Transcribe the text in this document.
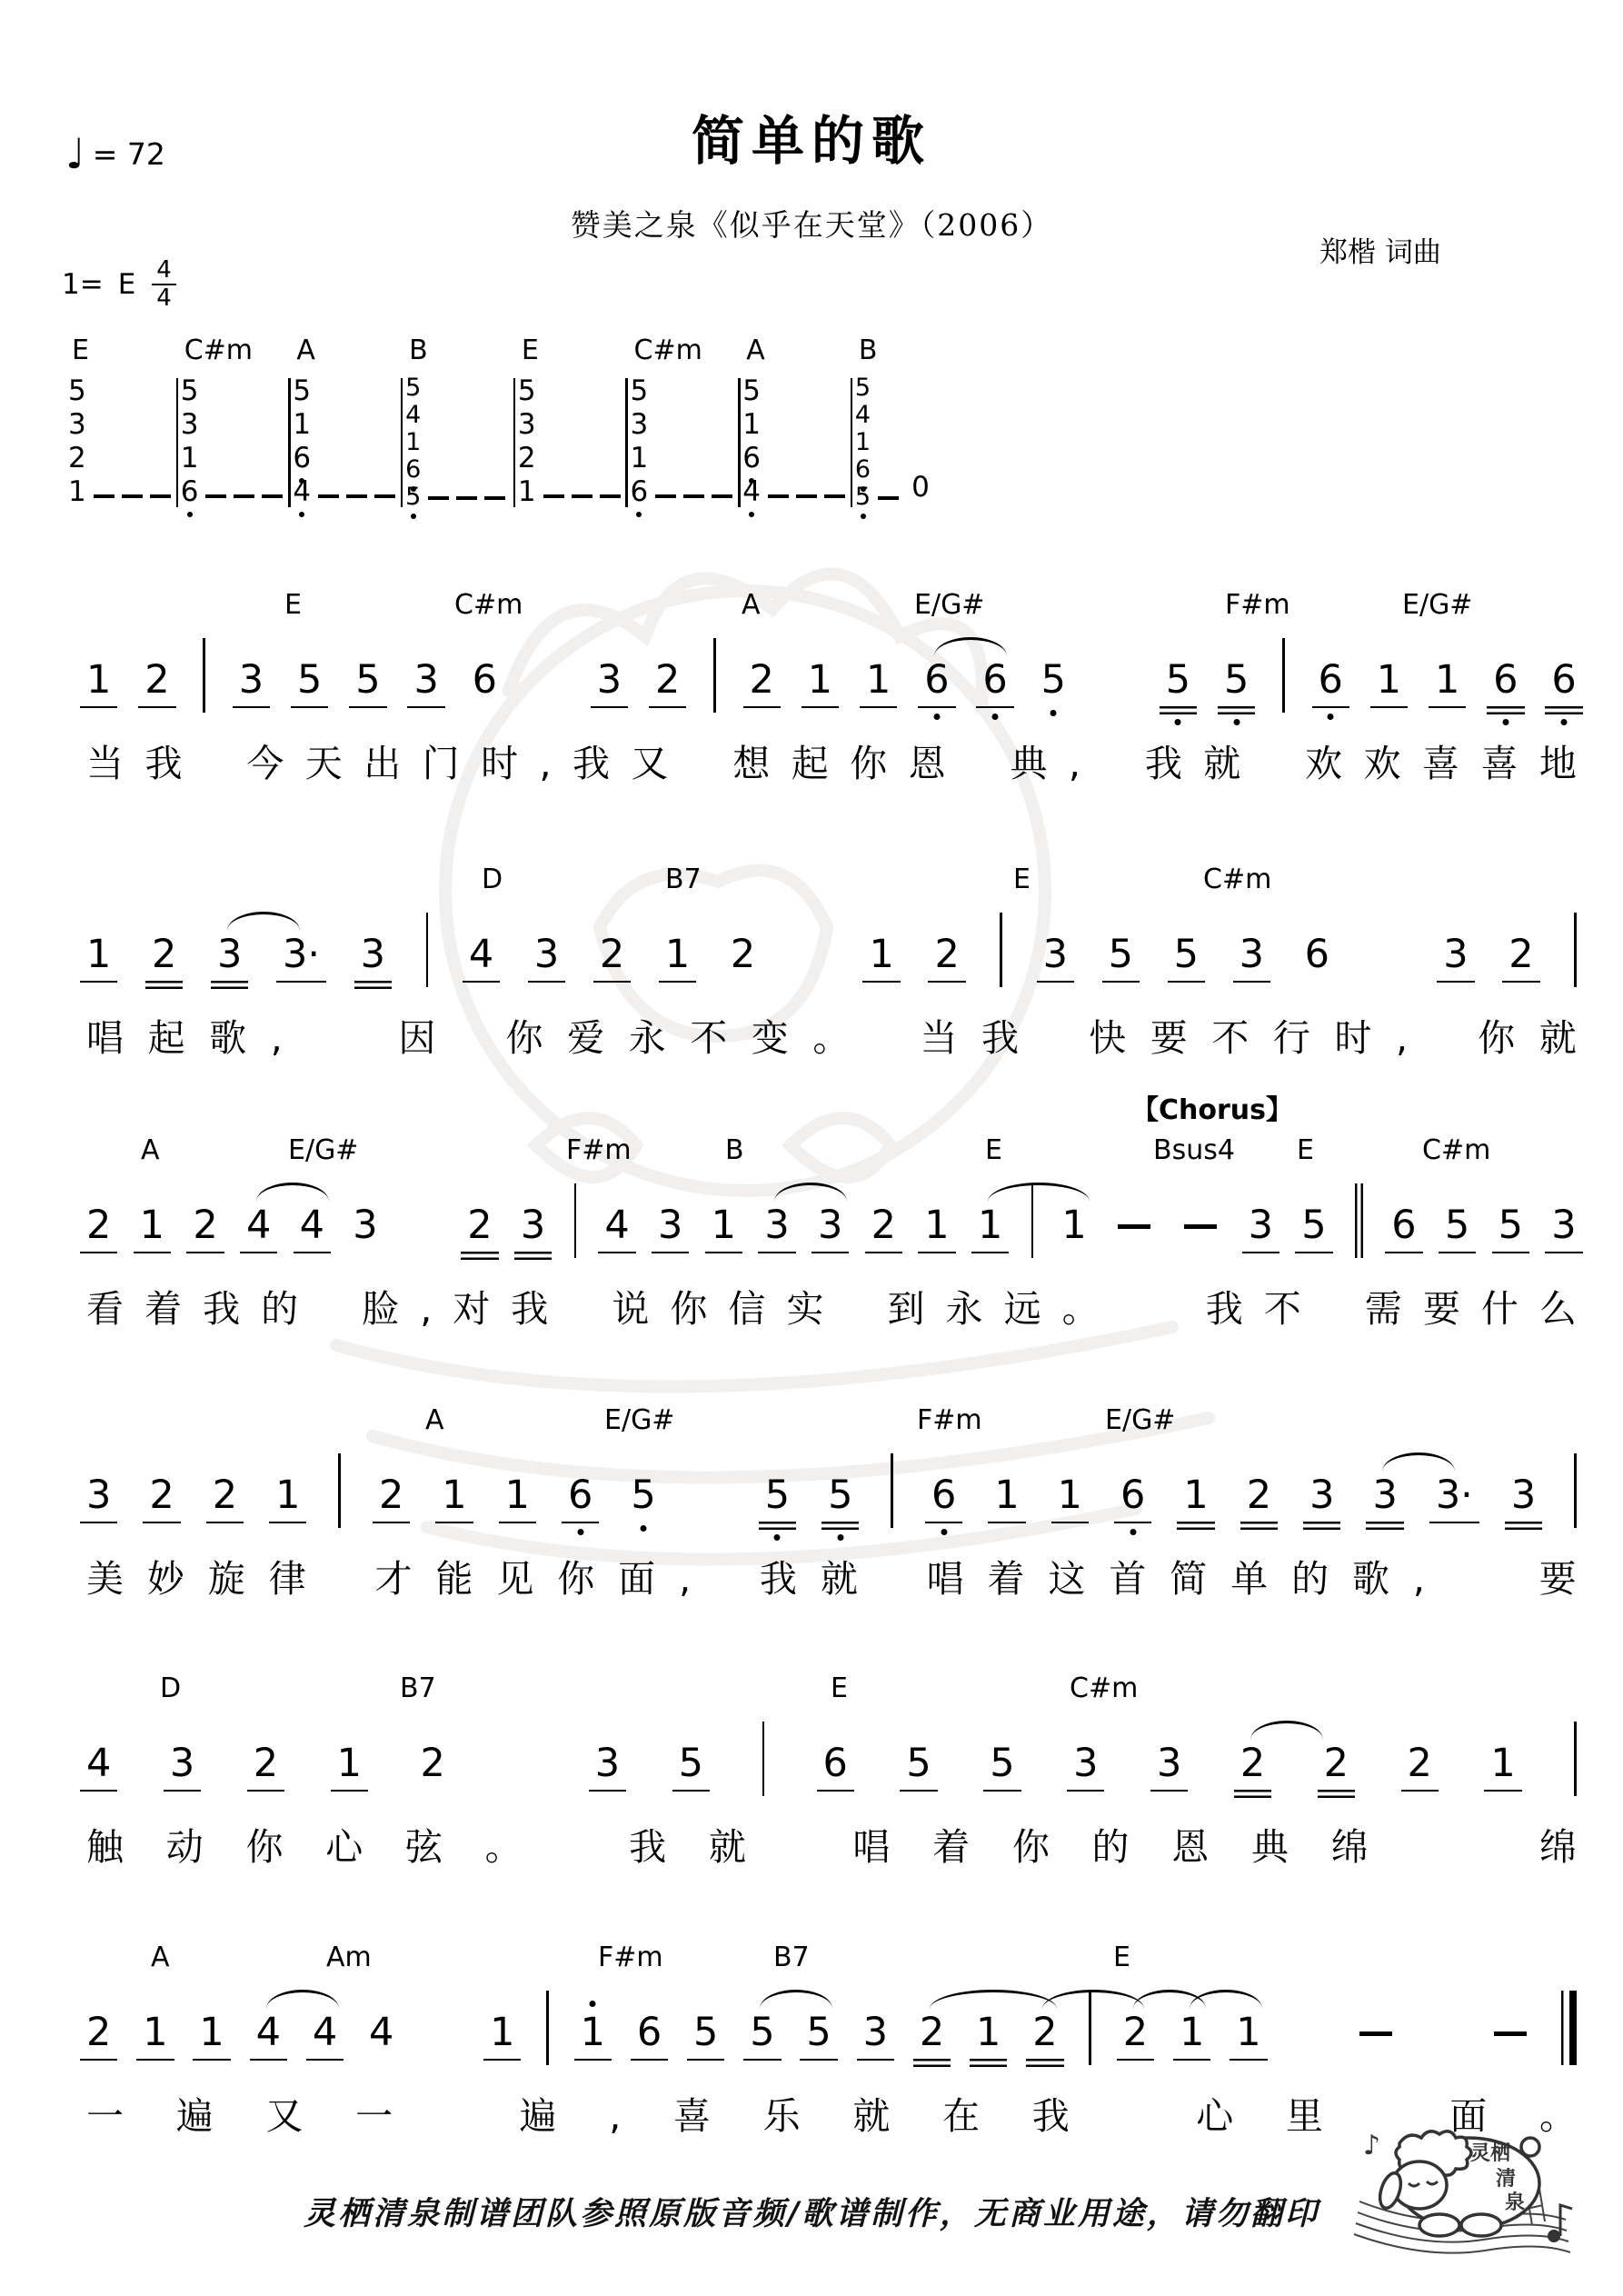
♩ = 72	简单的歌
赞美之泉《似乎在天堂》（2006）
郑楷 词曲
1= E $\frac{4}{4}$
E
5
3
2
1
C#m
5
3
1
6
A
5
1
6
4
B
5
4
1
6
5
E
5
3
2
1
C#m
5
3
1
6
A
5
1
6
4
B
5
4
1
6
5 0
【Chorus】
E	C#m	A	E/G#	F#m	E/G#
1 2 3 5 5 3 6	3 2 2 1 1 6 6 5	5 5 6 1 1 6 6
当 我 今 天 出 门 时 , 我 又 想 起 你 恩 典 , 我 就 欢 欢 喜 喜 地
D	B7	E	C#m
1 2 3 3· 3 4 3 2 1 2	1 2 3 5 5 3 6	3 2
唱 起 歌 ,	因 你 爱 永 不 变 。 当 我 快 要 不 行 时 , 你 就
A	E/G#	F#m	B	E	Bsus4 E	C#m
2 1 2 4 4 3 2 3 4 3 1 3 3 2 1 1 1	3 5 6 5 5 3
看 着 我 的 脸 , 对 我 说 你 信 实 到 永 远 。	我 不 需 要 什 么
A	E/G#	F#m	E/G#
3 2 2 1 2 1 1 6 5	5 5 6 1 1 6 1 2 3 3 3· 3
美 妙 旋 律 才 能 见 你 面 , 我 就 唱 着 这 首 简 单 的 歌 ,	要
D	B7	E	C#m
4 3 2 1 2	3 5	6 5 5 3 3 2 2 2 1
触 动 你 心 弦 。	我 就	唱 着 你 的 恩 典 绵	绵
A	Am	F#m	B7	E
2 1 1 4 4 4 1 1 6 5 5 5 3 2 1 2 2 1 1
一 遍 又 一	遍 , 喜 乐 就 在 我	心 里	面 。
灵栖清泉制谱团队参照原版音频/歌谱制作，无商业用途，请勿翻印
♪	灵栖
清
泉
